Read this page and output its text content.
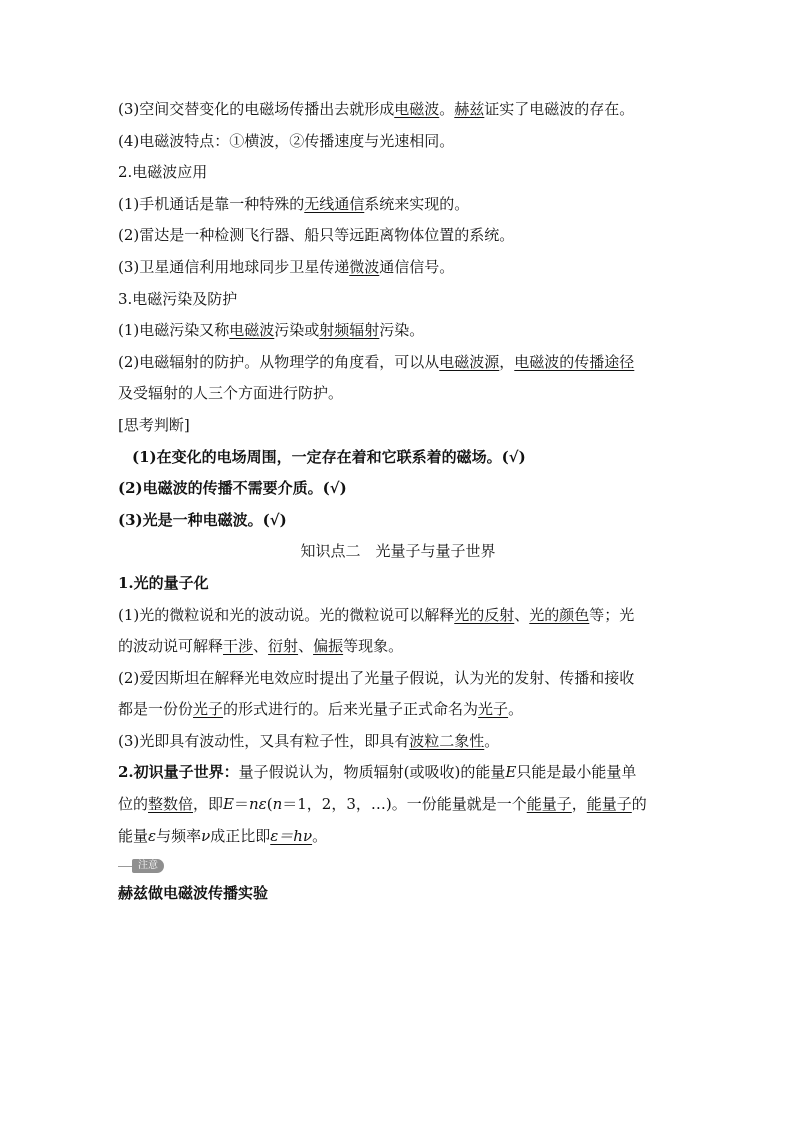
(3)空间交替变化的电磁场传播出去就形成电磁波。赫兹证实了电磁波的存在。
(4)电磁波特点：①横波，②传播速度与光速相同。
2.电磁波应用
(1)手机通话是靠一种特殊的无线通信系统来实现的。
(2)雷达是一种检测飞行器、船只等远距离物体位置的系统。
(3)卫星通信利用地球同步卫星传递微波通信信号。
3.电磁污染及防护
(1)电磁污染又称电磁波污染或射频辐射污染。
(2)电磁辐射的防护。从物理学的角度看，可以从电磁波源，电磁波的传播途径
及受辐射的人三个方面进行防护。
[思考判断]
(1)在变化的电场周围，一定存在着和它联系着的磁场。(√)
(2)电磁波的传播不需要介质。(√)
(3)光是一种电磁波。(√)
知识点二　光量子与量子世界
1.光的量子化
(1)光的微粒说和光的波动说。光的微粒说可以解释光的反射、光的颜色等；光
的波动说可解释干涉、衍射、偏振等现象。
(2)爱因斯坦在解释光电效应时提出了光量子假说，认为光的发射、传播和接收
都是一份份光子的形式进行的。后来光量子正式命名为光子。
(3)光即具有波动性，又具有粒子性，即具有波粒二象性。
2.初识量子世界：量子假说认为，物质辐射(或吸收)的能量E只能是最小能量单
位的整数倍，即E＝nε(n＝1，2，3，…)。一份能量就是一个能量子，能量子的
能量ε与频率ν成正比即ε＝hν。
注意
赫兹做电磁波传播实验
